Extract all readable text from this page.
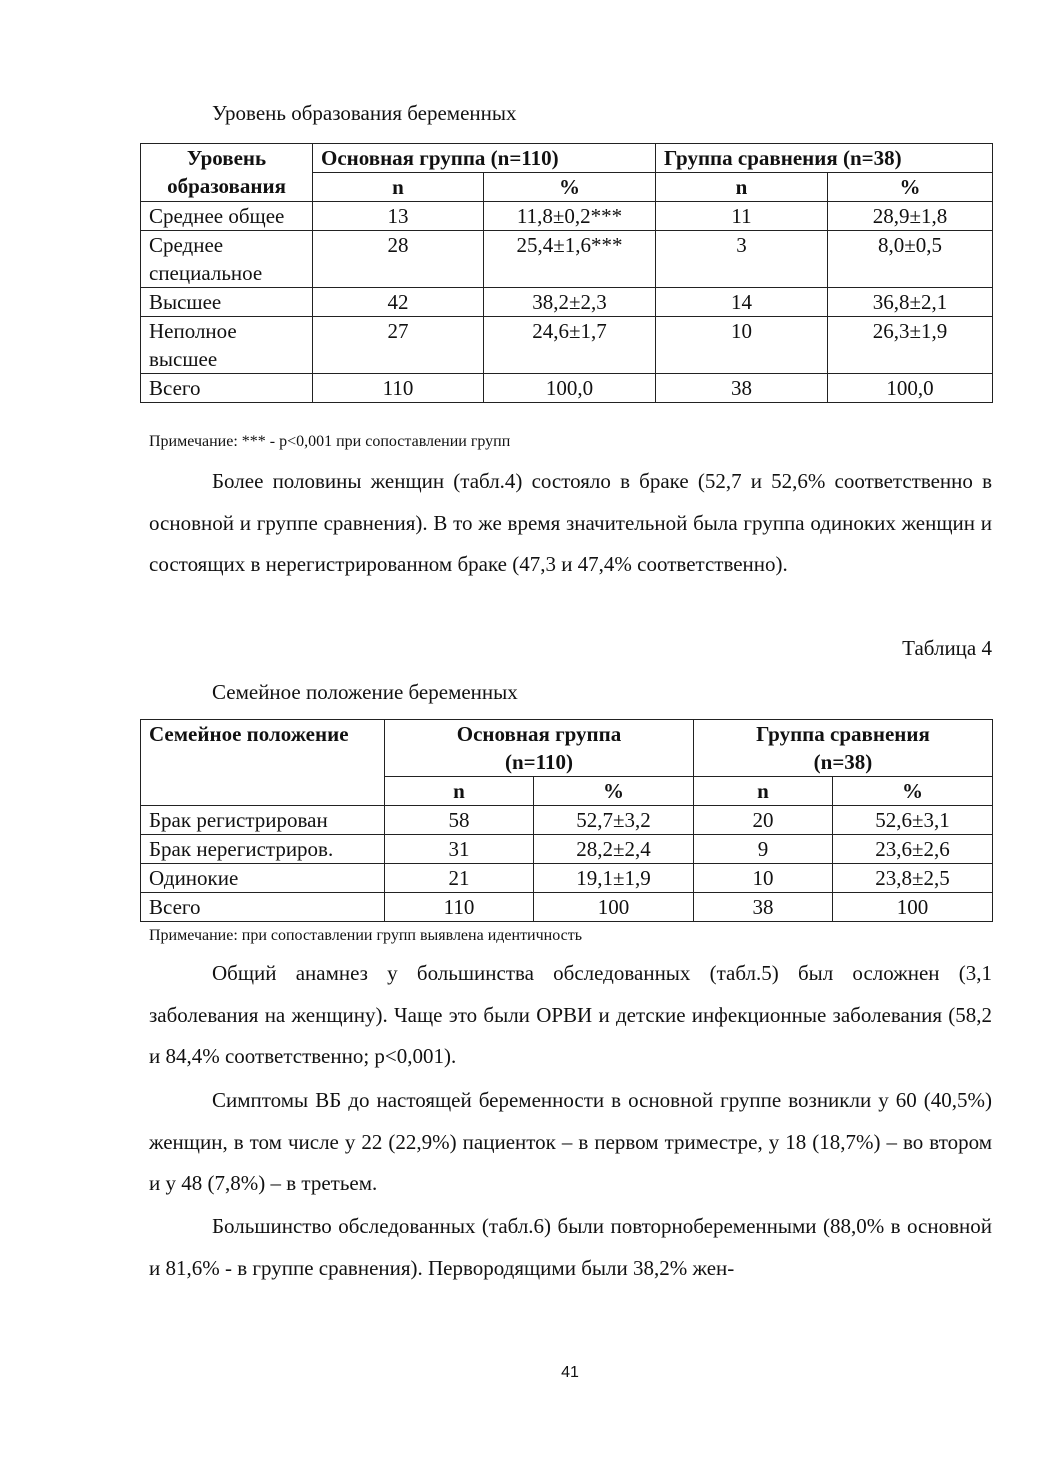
Уровень образования беременных
Уровень образования	Основная группа (n=110)		Группа сравнения (n=38)	
	n	%	n	%
Среднее общее	13	11,8±0,2***	11	28,9±1,8
Среднее специальное	28	25,4±1,6***	3	8,0±0,5
Высшее	42	38,2±2,3	14	36,8±2,1
Неполное высшее	27	24,6±1,7	10	26,3±1,9
Всего	110	100,0	38	100,0
Примечание: *** - р<0,001 при сопоставлении групп

Более половины женщин (табл.4) состояло в браке (52,7 и 52,6% соответственно в основной и группе сравнения). В то же время значительной была группа одиноких женщин и состоящих в нерегистрированном браке (47,3 и 47,4% соответственно).

Таблица 4
Семейное положение беременных
Семейное положение	Основная группа (n=110)		Группа сравнения (n=38)	
	n	%	n	%
Брак регистрирован	58	52,7±3,2	20	52,6±3,1
Брак нерегистриров.	31	28,2±2,4	9	23,6±2,6
Одинокие	21	19,1±1,9	10	23,8±2,5
Всего	110	100	38	100
Примечание: при сопоставлении групп выявлена идентичность

Общий анамнез у большинства обследованных (табл.5) был осложнен (3,1 заболевания на женщину). Чаще это были ОРВИ и детские инфекционные заболевания (58,2 и 84,4% соответственно; р<0,001).

Симптомы ВБ до настоящей беременности в основной группе возникли у 60 (40,5%) женщин, в том числе у 22 (22,9%) пациенток – в первом триместре, у 18 (18,7%) – во втором и у 48 (7,8%) – в третьем.

Большинство обследованных (табл.6) были повторнобеременными (88,0% в основной и 81,6% - в группе сравнения). Первородящими были 38,2% жен-

41
